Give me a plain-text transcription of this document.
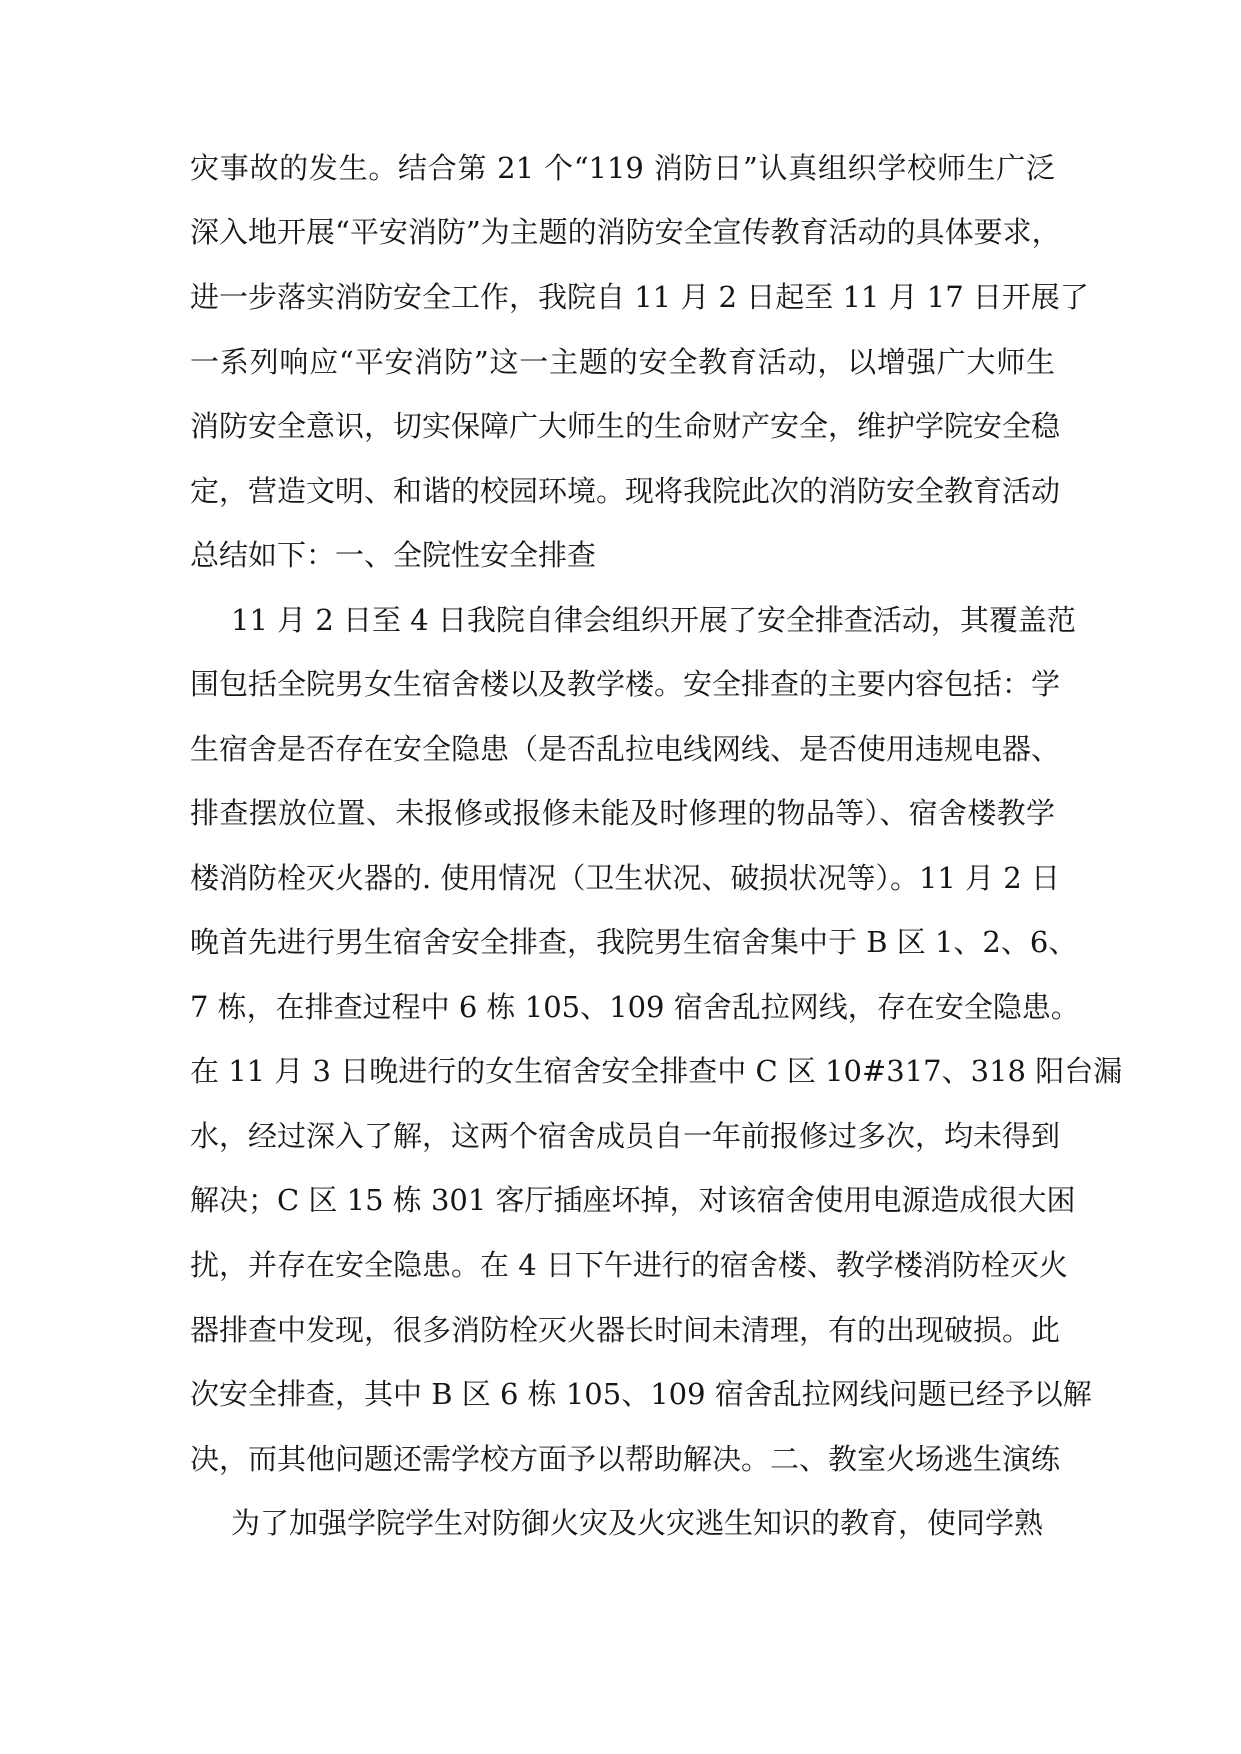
灾事故的发生。结合第 21 个“119 消防日”认真组织学校师生广泛
深入地开展“平安消防”为主题的消防安全宣传教育活动的具体要求，
进一步落实消防安全工作，我院自 11 月 2 日起至 11 月 17 日开展了
一系列响应“平安消防”这一主题的安全教育活动，以增强广大师生
消防安全意识，切实保障广大师生的生命财产安全，维护学院安全稳
定，营造文明、和谐的校园环境。现将我院此次的消防安全教育活动
总结如下：一、全院性安全排查
11 月 2 日至 4 日我院自律会组织开展了安全排查活动，其覆盖范
围包括全院男女生宿舍楼以及教学楼。安全排查的主要内容包括：学
生宿舍是否存在安全隐患（是否乱拉电线网线、是否使用违规电器、
排查摆放位置、未报修或报修未能及时修理的物品等）、宿舍楼教学
楼消防栓灭火器的. 使用情况（卫生状况、破损状况等）。11 月 2 日
晚首先进行男生宿舍安全排查，我院男生宿舍集中于 B 区 1、2、6、
7 栋，在排查过程中 6 栋 105、109 宿舍乱拉网线，存在安全隐患。
在 11 月 3 日晚进行的女生宿舍安全排查中 C 区 10#317、318 阳台漏
水，经过深入了解，这两个宿舍成员自一年前报修过多次，均未得到
解决；C 区 15 栋 301 客厅插座坏掉，对该宿舍使用电源造成很大困
扰，并存在安全隐患。在 4 日下午进行的宿舍楼、教学楼消防栓灭火
器排查中发现，很多消防栓灭火器长时间未清理，有的出现破损。此
次安全排查，其中 B 区 6 栋 105、109 宿舍乱拉网线问题已经予以解
决，而其他问题还需学校方面予以帮助解决。二、教室火场逃生演练
为了加强学院学生对防御火灾及火灾逃生知识的教育，使同学熟
